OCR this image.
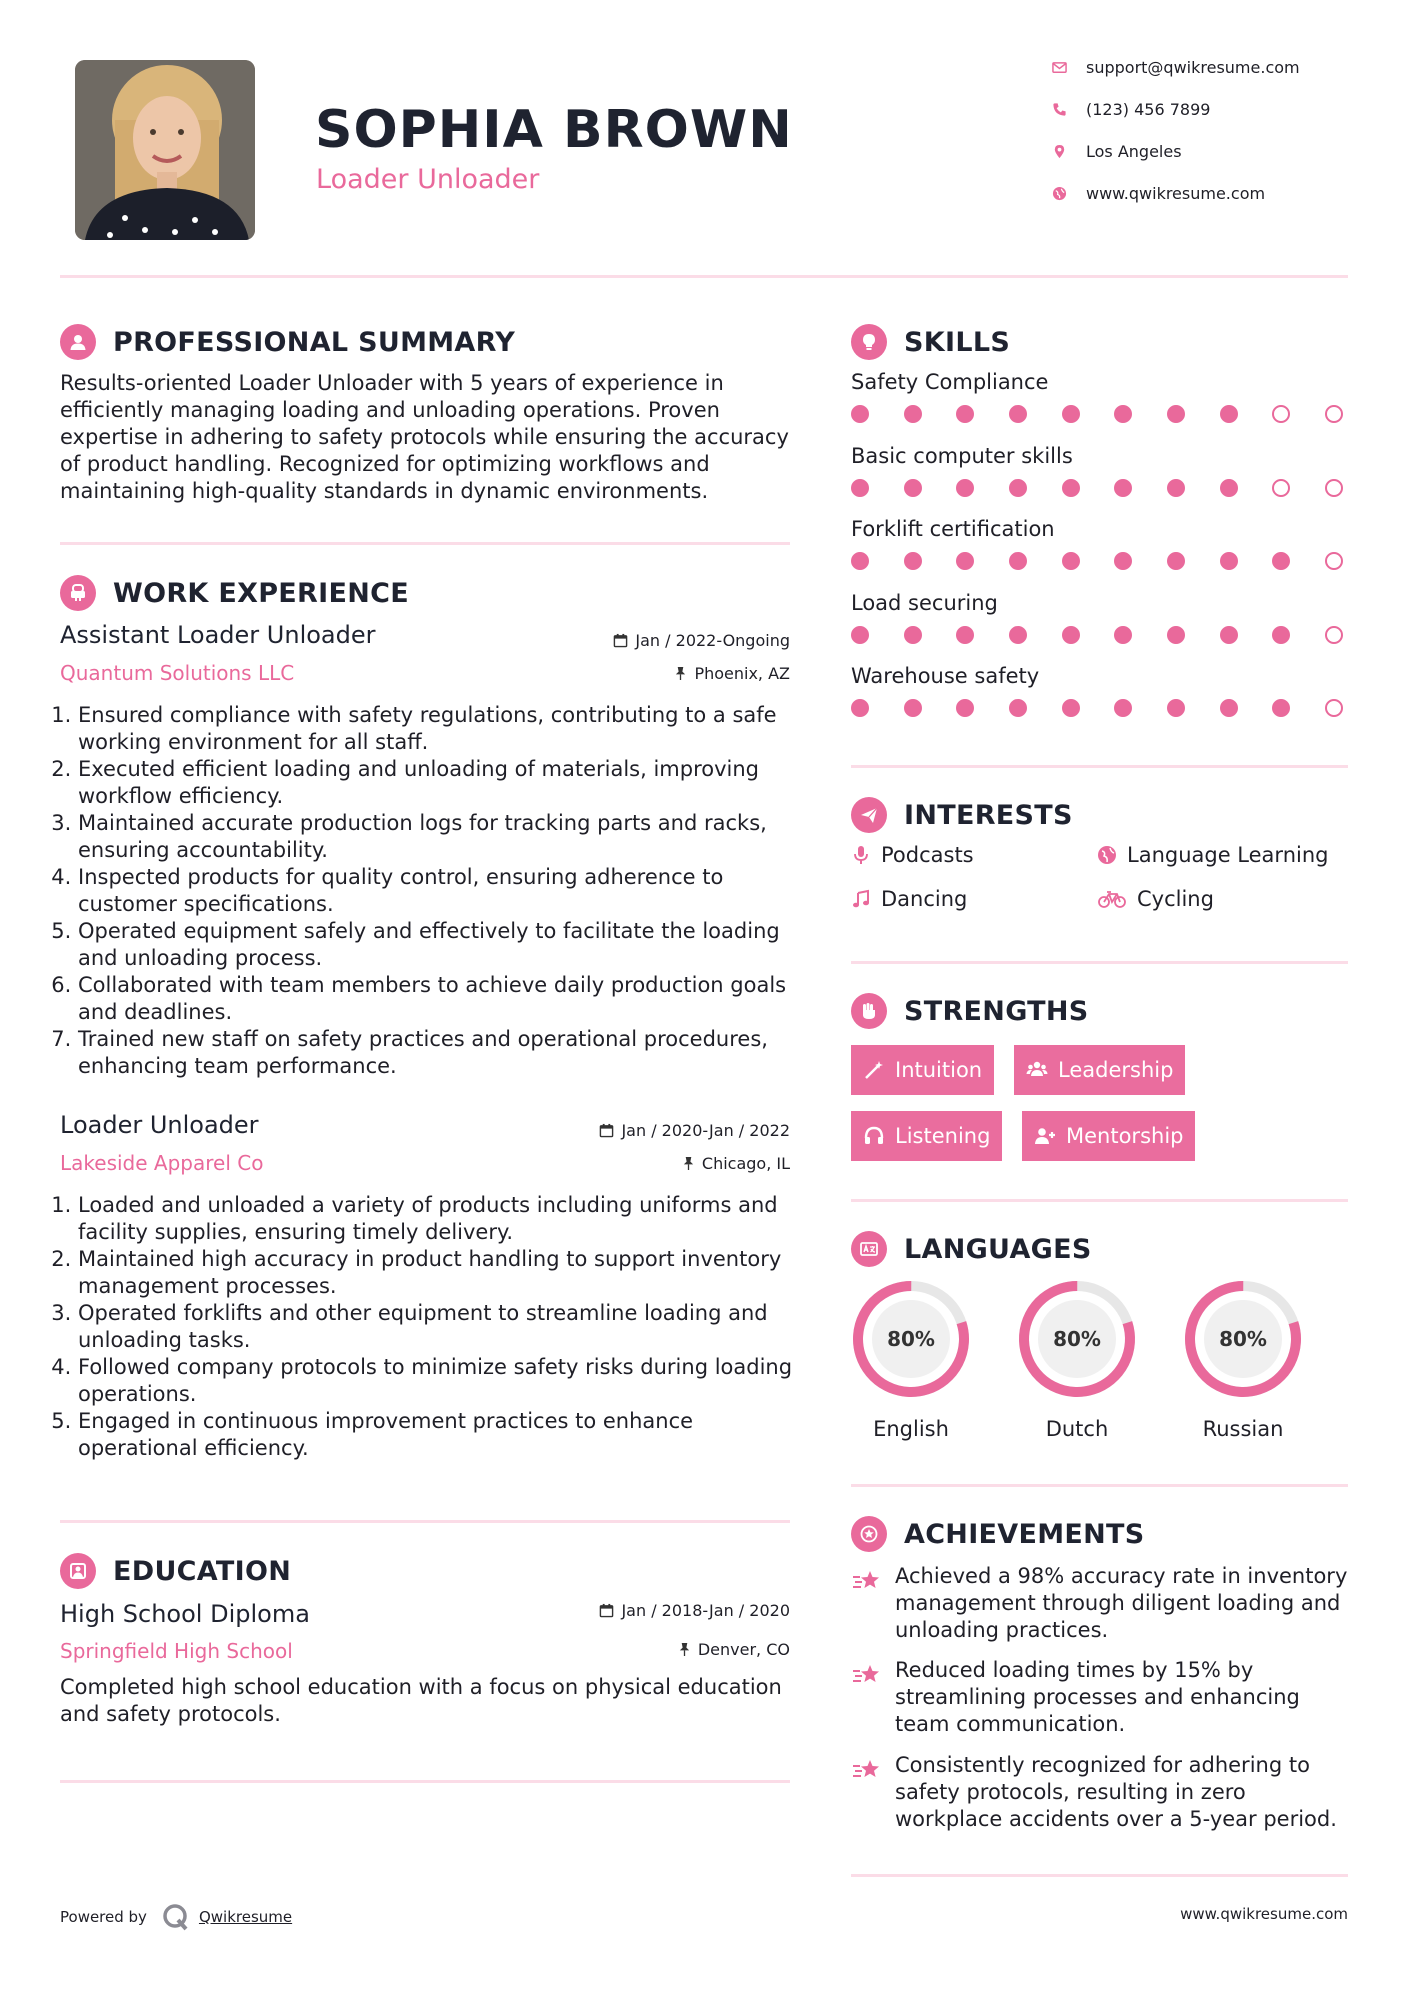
SOPHIA BROWN
Loader Unloader
support@qwikresume.com
(123) 456 7899
Los Angeles
www.qwikresume.com
PROFESSIONAL SUMMARY
Results-oriented Loader Unloader with 5 years of experience in efficiently managing loading and unloading operations. Proven expertise in adhering to safety protocols while ensuring the accuracy of product handling. Recognized for optimizing workflows and maintaining high-quality standards in dynamic environments.
WORK EXPERIENCE
Assistant Loader Unloader
Quantum Solutions LLC
Jan / 2022-Ongoing
Phoenix, AZ
1. Ensured compliance with safety regulations, contributing to a safe working environment for all staff.
2. Executed efficient loading and unloading of materials, improving workflow efficiency.
3. Maintained accurate production logs for tracking parts and racks, ensuring accountability.
4. Inspected products for quality control, ensuring adherence to customer specifications.
5. Operated equipment safely and effectively to facilitate the loading and unloading process.
6. Collaborated with team members to achieve daily production goals and deadlines.
7. Trained new staff on safety practices and operational procedures, enhancing team performance.
Loader Unloader
Lakeside Apparel Co
Jan / 2020-Jan / 2022
Chicago, IL
1. Loaded and unloaded a variety of products including uniforms and facility supplies, ensuring timely delivery.
2. Maintained high accuracy in product handling to support inventory management processes.
3. Operated forklifts and other equipment to streamline loading and unloading tasks.
4. Followed company protocols to minimize safety risks during loading operations.
5. Engaged in continuous improvement practices to enhance operational efficiency.
EDUCATION
High School Diploma
Springfield High School
Jan / 2018-Jan / 2020
Denver, CO
Completed high school education with a focus on physical education and safety protocols.
SKILLS
Safety Compliance
Basic computer skills
Forklift certification
Load securing
Warehouse safety
INTERESTS
Podcasts	Language Learning
Dancing	Cycling
STRENGTHS
Intuition	Leadership
Listening	Mentorship
LANGUAGES
80%
English
80%
Dutch
80%
Russian
ACHIEVEMENTS
Achieved a 98% accuracy rate in inventory management through diligent loading and unloading practices.
Reduced loading times by 15% by streamlining processes and enhancing team communication.
Consistently recognized for adhering to safety protocols, resulting in zero workplace accidents over a 5-year period.
Powered by	Qwikresume	www.qwikresume.com
